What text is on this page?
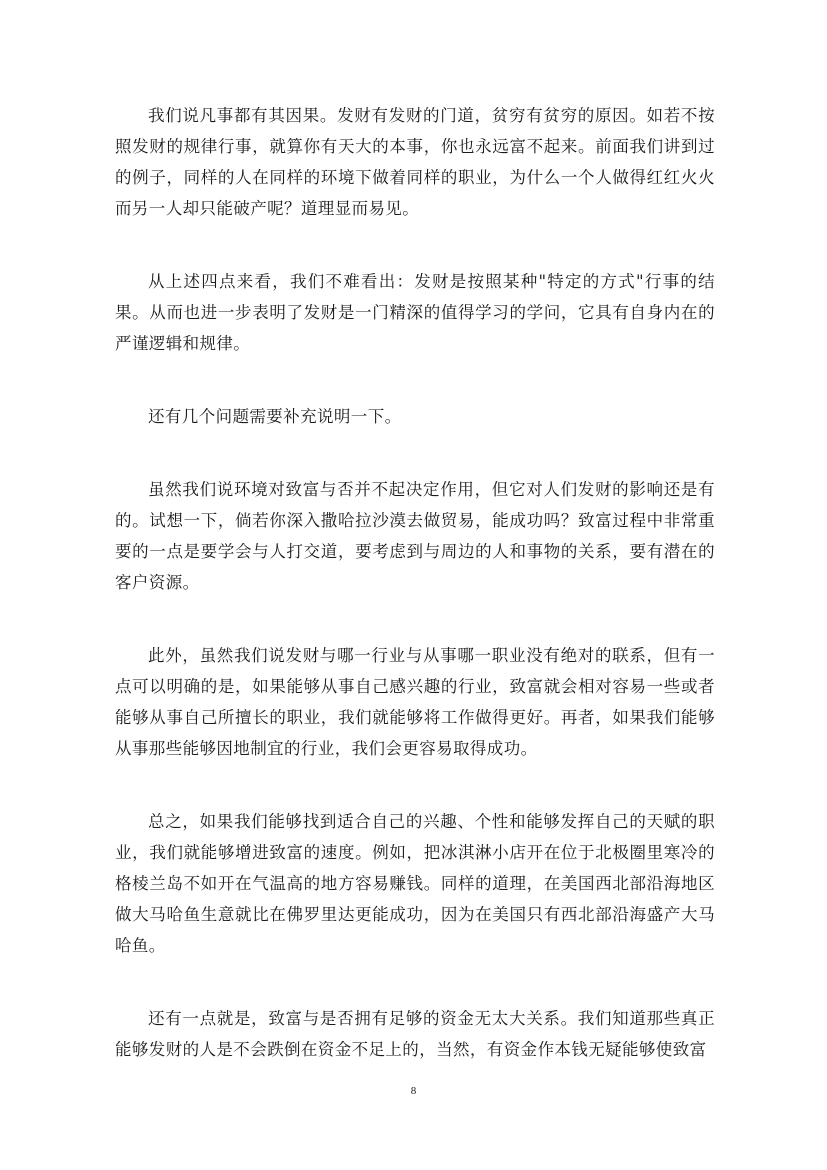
我们说凡事都有其因果。发财有发财的门道，贫穷有贫穷的原因。如若不按照发财的规律行事，就算你有天大的本事，你也永远富不起来。前面我们讲到过的例子，同样的人在同样的环境下做着同样的职业，为什么一个人做得红红火火而另一人却只能破产呢？道理显而易见。

从上述四点来看，我们不难看出：发财是按照某种"特定的方式"行事的结果。从而也进一步表明了发财是一门精深的值得学习的学问，它具有自身内在的严谨逻辑和规律。

还有几个问题需要补充说明一下。

虽然我们说环境对致富与否并不起决定作用，但它对人们发财的影响还是有的。试想一下，倘若你深入撒哈拉沙漠去做贸易，能成功吗？致富过程中非常重要的一点是要学会与人打交道，要考虑到与周边的人和事物的关系，要有潜在的客户资源。

此外，虽然我们说发财与哪一行业与从事哪一职业没有绝对的联系，但有一点可以明确的是，如果能够从事自己感兴趣的行业，致富就会相对容易一些或者能够从事自己所擅长的职业，我们就能够将工作做得更好。再者，如果我们能够从事那些能够因地制宜的行业，我们会更容易取得成功。

总之，如果我们能够找到适合自己的兴趣、个性和能够发挥自己的天赋的职业，我们就能够增进致富的速度。例如，把冰淇淋小店开在位于北极圈里寒冷的格棱兰岛不如开在气温高的地方容易赚钱。同样的道理，在美国西北部沿海地区做大马哈鱼生意就比在佛罗里达更能成功，因为在美国只有西北部沿海盛产大马哈鱼。

还有一点就是，致富与是否拥有足够的资金无太大关系。我们知道那些真正能够发财的人是不会跌倒在资金不足上的，当然，有资金作本钱无疑能够使致富

8
